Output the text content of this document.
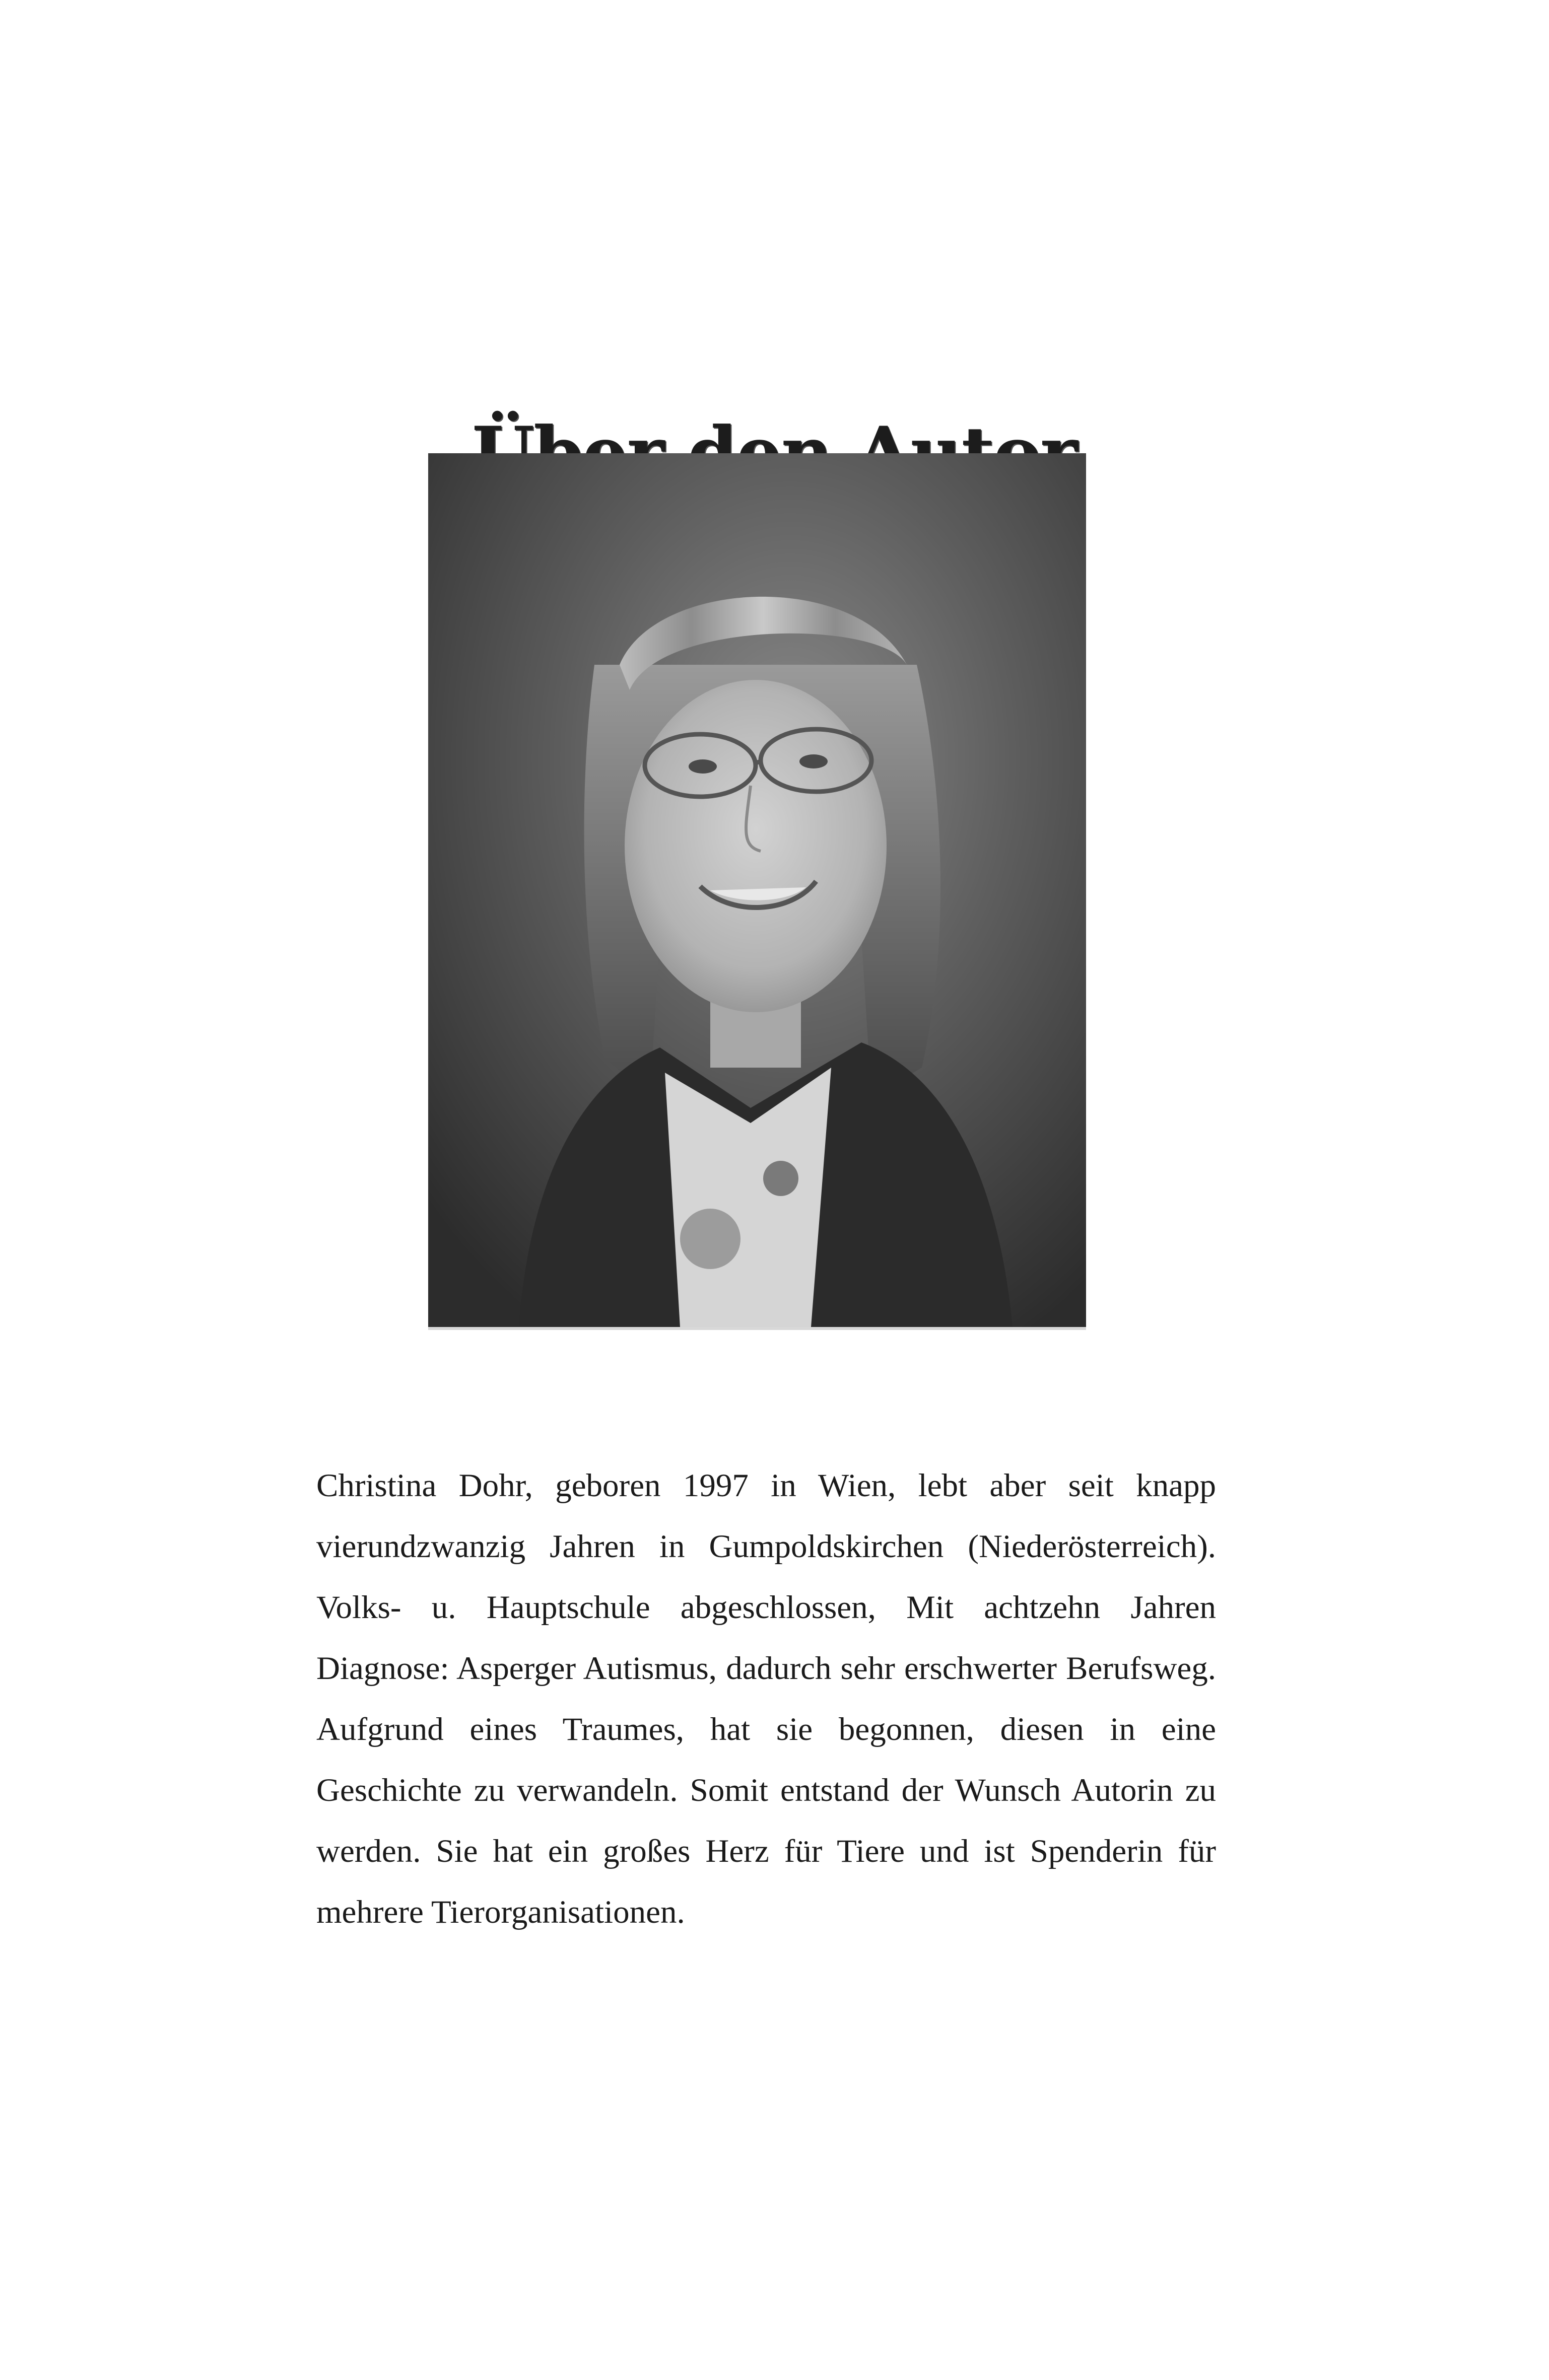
Christina Dohr, geboren 1997 in Wien, lebt aber seit knapp vierundzwanzig Jahren in Gumpoldskirchen (Niederösterreich). Volks- u. Hauptschule abgeschlossen, Mit achtzehn Jahren Diagnose: Asperger Autismus, dadurch sehr erschwerter Berufsweg. Aufgrund eines Traumes, hat sie begonnen, diesen in eine Geschichte zu verwandeln. Somit entstand der Wunsch Autorin zu werden. Sie hat ein großes Herz für Tiere und ist Spenderin für mehrere Tierorganisationen.
